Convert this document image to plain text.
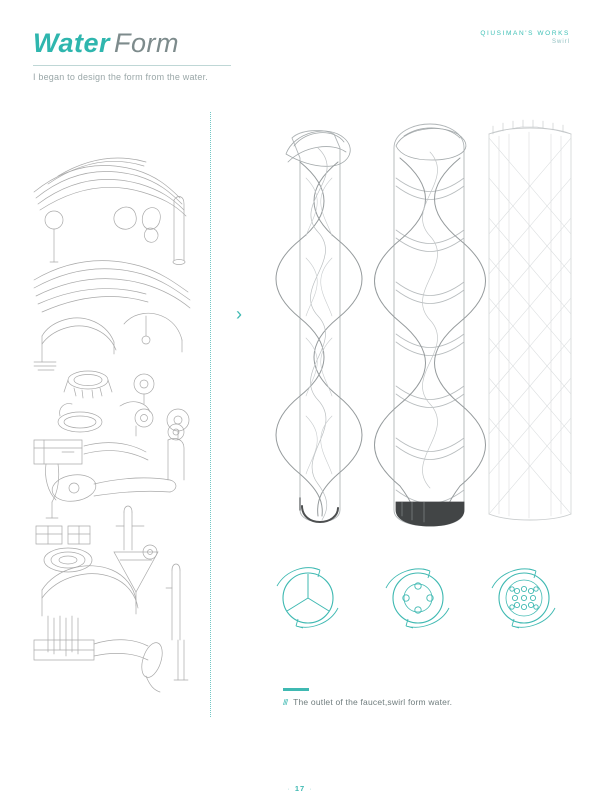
Water Form
I began to design the form from the water.
QIUSIMAN'S WORKS
Swirl
›
/// The outlet of the faucet,swirl form water.
· 17 ·
